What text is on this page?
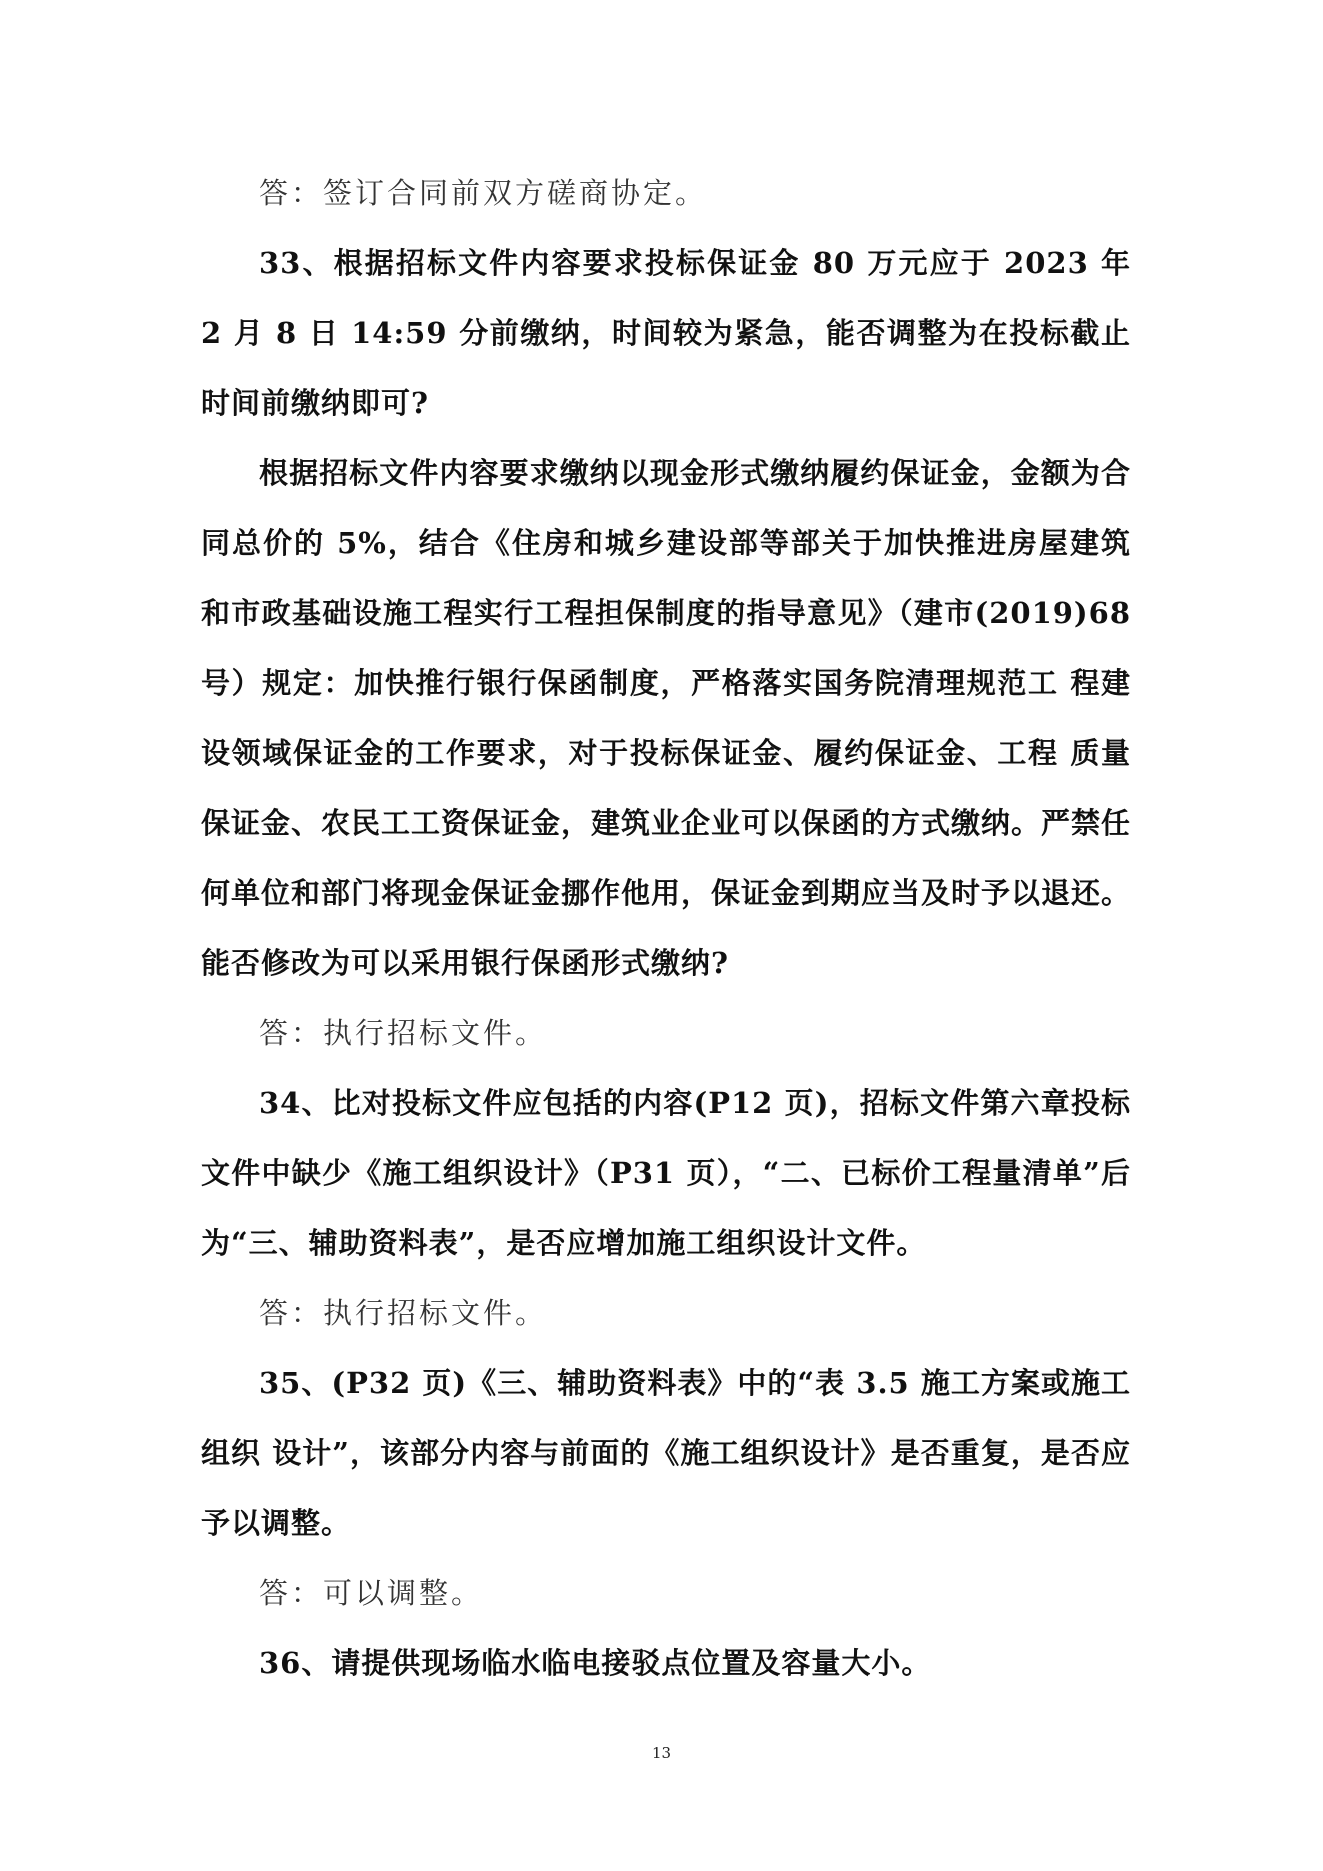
答：签订合同前双方磋商协定。

33、根据招标文件内容要求投标保证金 80 万元应于 2023 年 2 月 8 日 14:59 分前缴纳，时间较为紧急，能否调整为在投标截止时间前缴纳即可?

根据招标文件内容要求缴纳以现金形式缴纳履约保证金，金额为合同总价的 5%，结合《住房和城乡建设部等部关于加快推进房屋建筑和市政基础设施工程实行工程担保制度的指导意见》（建市(2019)68号）规定：加快推行银行保函制度，严格落实国务院清理规范工 程建设领域保证金的工作要求，对于投标保证金、履约保证金、工程 质量保证金、农民工工资保证金，建筑业企业可以保函的方式缴纳。严禁任何单位和部门将现金保证金挪作他用，保证金到期应当及时予以退还。能否修改为可以采用银行保函形式缴纳?

答：执行招标文件。

34、比对投标文件应包括的内容(P12 页)，招标文件第六章投标文件中缺少《施工组织设计》（P31 页），“二、已标价工程量清单”后为“三、辅助资料表”，是否应增加施工组织设计文件。

答：执行招标文件。

35、(P32 页)《三、辅助资料表》中的“表 3.5 施工方案或施工组织 设计”，该部分内容与前面的《施工组织设计》是否重复，是否应予以调整。

答：可以调整。

36、请提供现场临水临电接驳点位置及容量大小。

13
